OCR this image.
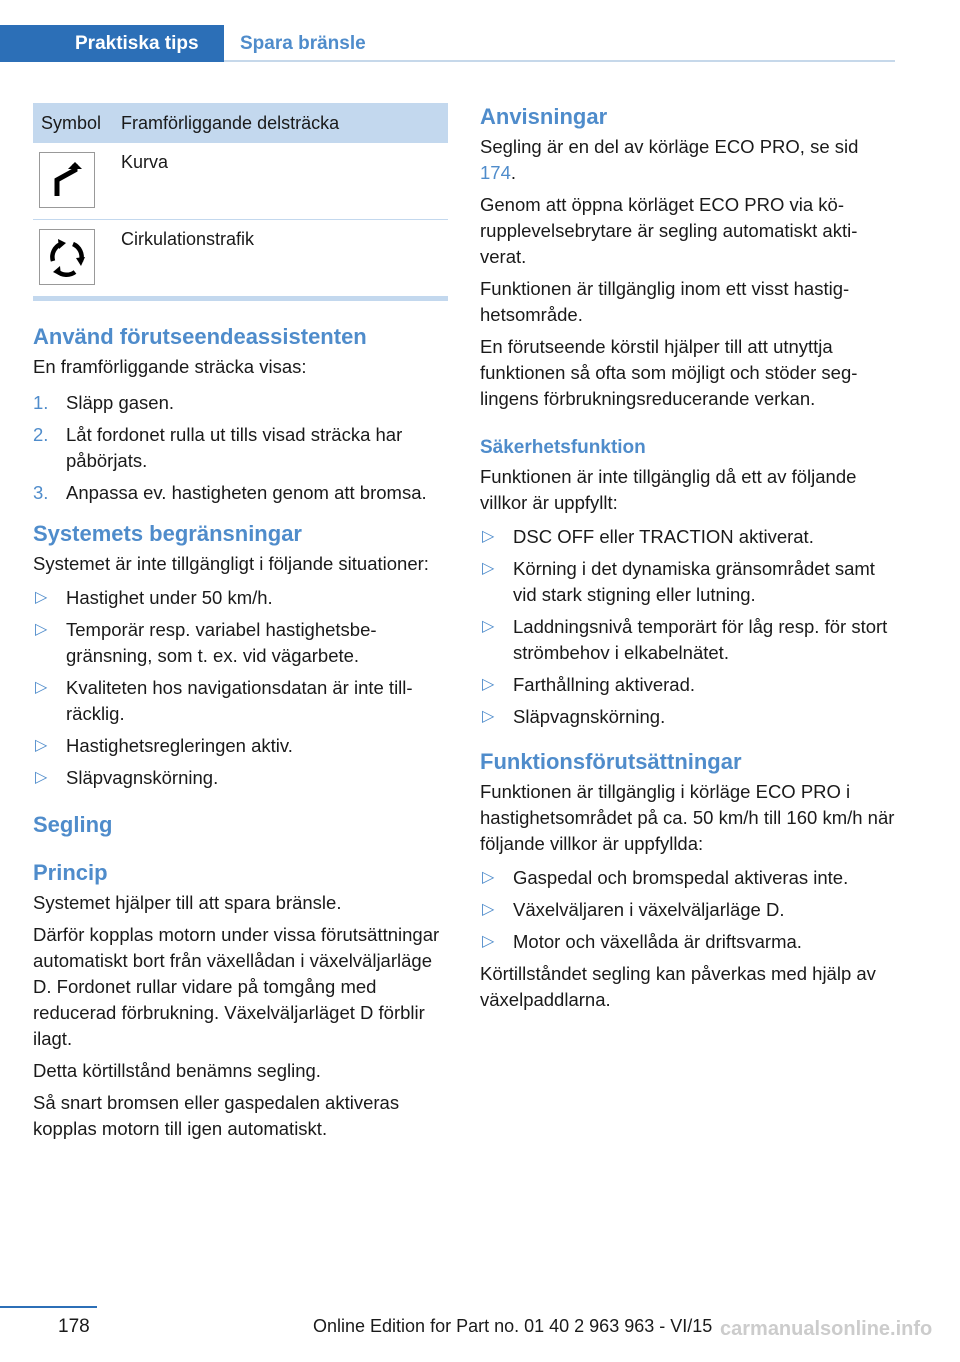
Praktiska tips	Spara bränsle
Symbol	Framförliggande delsträcka

	Kurva

	Cirkulationstrafik
Använd förutseendeassistenten

En framförliggande sträcka visas:

1. Släpp gasen.
2. Låt fordonet rulla ut tills visad sträcka har påbörjats.
3. Anpassa ev. hastigheten genom att bromsa.
Systemets begränsningar

Systemet är inte tillgängligt i följande situationer:

▷ Hastighet under 50 km/h.
▷ Temporär resp. variabel hastighetsbegränsning, som t. ex. vid vägarbete.
▷ Kvaliteten hos navigationsdatan är inte tillräcklig.
▷ Hastighetsregleringen aktiv.
▷ Släpvagnskörning.
Segling
Princip

Systemet hjälper till att spara bränsle.

Därför kopplas motorn under vissa förutsättningar automatiskt bort från växellådan i växelväljarläge D. Fordonet rullar vidare på tomgång med reducerad förbrukning. Växelväljarläget D förblir ilagt.

Detta körtillstånd benämns segling.

Så snart bromsen eller gaspedalen aktiveras kopplas motorn till igen automatiskt.

Anvisningar

Segling är en del av körläge ECO PRO, se sid 174.

Genom att öppna körläget ECO PRO via körupplevelsebrytare är segling automatiskt aktiverat.

Funktionen är tillgänglig inom ett visst hastighetsområde.

En förutseende körstil hjälper till att utnyttja funktionen så ofta som möjligt och stöder seglingens förbrukningsreducerande verkan.

Säkerhetsfunktion

Funktionen är inte tillgänglig då ett av följande villkor är uppfyllt:

▷ DSC OFF eller TRACTION aktiverat.
▷ Körning i det dynamiska gränsområdet samt vid stark stigning eller lutning.
▷ Laddningsnivå temporärt för låg resp. för stort strömbehov i elkabelnätet.
▷ Farthållning aktiverad.
▷ Släpvagnskörning.
Funktionsförutsättningar

Funktionen är tillgänglig i körläge ECO PRO i hastighetsområdet på ca. 50 km/h till 160 km/h när följande villkor är uppfyllda:

▷ Gaspedal och bromspedal aktiveras inte.
▷ Växelväljaren i växelväljarläge D.
▷ Motor och växellåda är driftsvarma.

Körtillståndet segling kan påverkas med hjälp av växelpaddlarna.

178	Online Edition for Part no. 01 40 2 963 963 - VI/15 carmanualsonline.info
